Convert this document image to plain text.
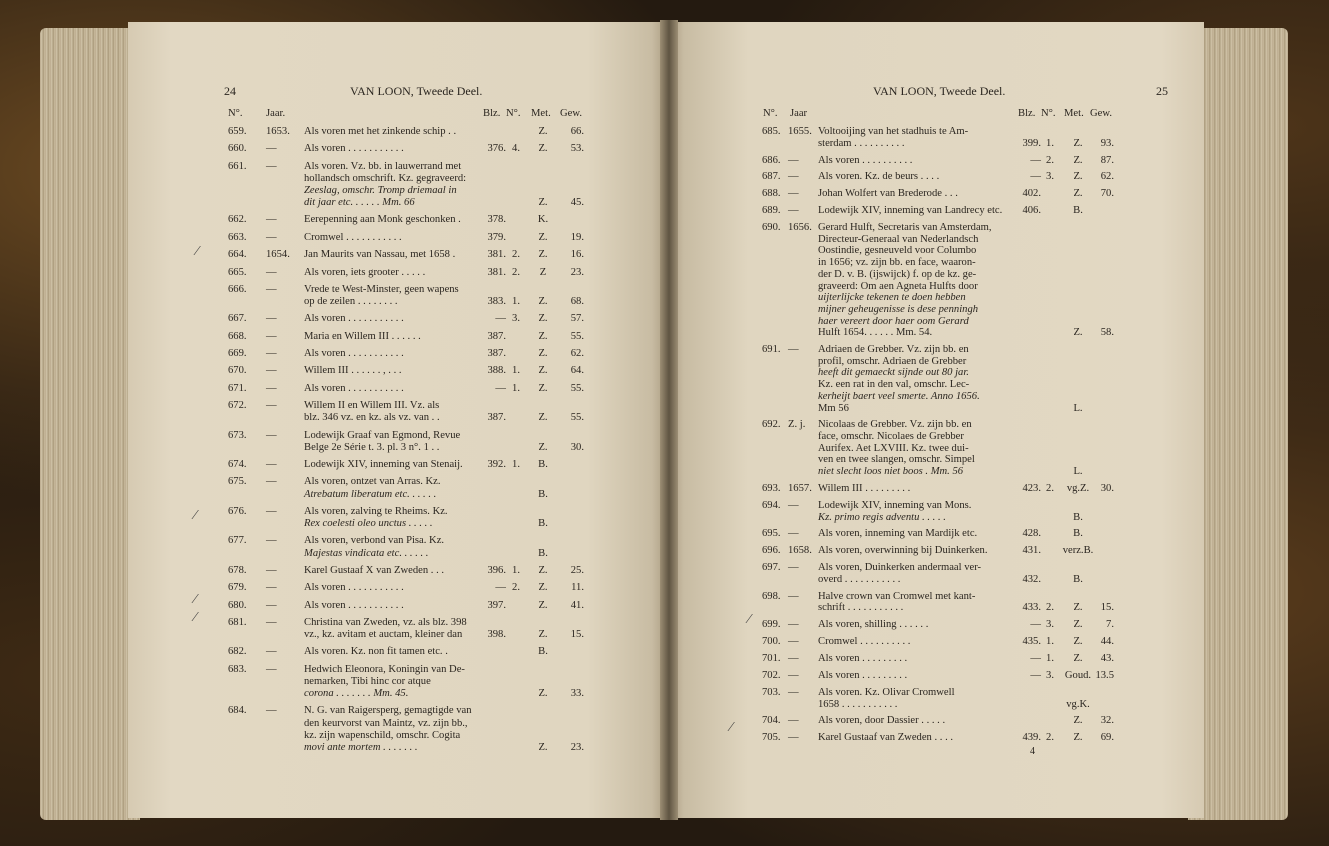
24	VAN LOON, Tweede Deel.
N°. Jaar.	Blz. N°. Met. Gew.
659. 1653. Als voren met het zinkende schip . .	Z.	66.
660. —	Als voren . . . . . . . . . . .	376. 4.	Z.	53.
661. —	Als voren. Vz. bb. in lauwerrand met
hollandsch omschrift. Kz. gegraveerd:
Zeeslag, omschr. Tromp driemaal in
dit jaar etc. . . . . . Mm. 66	Z.	45.
662. —	Eerepenning aan Monk geschonken .	378.	K.
663. —	Cromwel . . . . . . . . . . .	379.	Z.	19.
664. 1654. Jan Maurits van Nassau, met 1658 .	381. 2.	Z.	16.
665. —	Als voren, iets grooter . . . . .	381. 2.	Z	23.
666. —	Vrede te West-Minster, geen wapens
op de zeilen . . . . . . . .	383. 1.	Z.	68.
667. —	Als voren . . . . . . . . . . .	— 3.	Z.	57.
668. —	Maria en Willem III . . . . . .	387.	Z.	55.
669. —	Als voren . . . . . . . . . . .	387.	Z.	62.
670. —	Willem III . . . . . . , . . .	388. 1.	Z.	64.
671. —	Als voren . . . . . . . . . . .	— 1.	Z.	55.
672. —	Willem II en Willem III. Vz. als
blz. 346 vz. en kz. als vz. van . .	387.	Z.	55.
673. —	Lodewijk Graaf van Egmond, Revue
Belge 2e Série t. 3. pl. 3 n°. 1 . .	Z.	30.
674. —	Lodewijk XIV, inneming van Stenaij.	392. 1.	B.
675. —	Als voren, ontzet van Arras. Kz.
Atrebatum liberatum etc. . . . . .	B.
676. —	Als voren, zalving te Rheims. Kz.
Rex coelesti oleo unctus . . . . .	B.
677. —	Als voren, verbond van Pisa. Kz.
Majestas vindicata etc. . . . . .	B.
678. —	Karel Gustaaf X van Zweden . . .	396. 1.	Z.	25.
679. —	Als voren . . . . . . . . . . .	— 2.	Z.	11.
680. —	Als voren . . . . . . . . . . .	397.	Z.	41.
681. —	Christina van Zweden, vz. als blz. 398
vz., kz. avitam et auctam, kleiner dan	398.	Z.	15.
682. —	Als voren. Kz. non fit tamen etc. .	B.
683. —	Hedwich Eleonora, Koningin van De-
nemarken, Tibi hinc cor atque
corona . . . . . . . Mm. 45.	Z.	33.
684. —	N. G. van Raigersperg, gemagtigde van
den keurvorst van Maintz, vz. zijn bb.,
kz. zijn wapenschild, omschr. Cogita
movi ante mortem . . . . . . .	Z.	23.
⁄
⁄
⁄
⁄
VAN LOON, Tweede Deel.	25
N°. Jaar	Blz. N°. Met. Gew.
685. 1655. Voltooijing van het stadhuis te Am-
sterdam . . . . . . . . . .	399. 1.	Z.	93.
686. — Als voren . . . . . . . . . .	— 2.	Z.	87.
687. — Als voren. Kz. de beurs . . . .	— 3.	Z.	62.
688. — Johan Wolfert van Brederode . . .	402.	Z.	70.
689. — Lodewijk XIV, inneming van Landrecy etc.	406.	B.
690. 1656. Gerard Hulft, Secretaris van Amsterdam,
Directeur-Generaal van Nederlandsch
Oostindie, gesneuveld voor Columbo
in 1656; vz. zijn bb. en face, waaron-
der D. v. B. (ijswijck) f. op de kz. ge-
graveerd: Om aen Agneta Hulfts door
uijterlijcke tekenen te doen hebben
mijner geheugenisse is dese penningh
haer vereert door haer oom Gerard
Hulft 1654. . . . . . Mm. 54.	Z.	58.
691. — Adriaen de Grebber. Vz. zijn bb. en
profil, omschr. Adriaen de Grebber
heeft dit gemaeckt sijnde out 80 jar.
Kz. een rat in den val, omschr. Lec-
kerheijt baert veel smerte. Anno 1656.
Mm 56	L.
692. Z. j. Nicolaas de Grebber. Vz. zijn bb. en
face, omschr. Nicolaes de Grebber
Aurifex. Aet LXVIII. Kz. twee dui-
ven en twee slangen, omschr. Simpel
niet slecht loos niet boos . Mm. 56	L.
693. 1657. Willem III . . . . . . . . .	423. 2.	vg.Z.	30.
694. — Lodewijk XIV, inneming van Mons.
Kz. primo regis adventu . . . . .	B.
695. — Als voren, inneming van Mardijk etc.	428.	B.
696. 1658. Als voren, overwinning bij Duinkerken.	431. verz.B.
697. — Als voren, Duinkerken andermaal ver-
overd . . . . . . . . . . .	432.	B.
698. — Halve crown van Cromwel met kant-
schrift . . . . . . . . . . .	433. 2.	Z.	15.
699. — Als voren, shilling . . . . . .	— 3.	Z.	7.
700. — Cromwel . . . . . . . . . .	435. 1.	Z.	44.
701. — Als voren . . . . . . . . .	— 1.	Z.	43.
702. — Als voren . . . . . . . . .	— 3.	Goud. 13.5
703. — Als voren. Kz. Olivar Cromwell
1658 . . . . . . . . . . .	vg.K.
704. — Als voren, door Dassier . . . . .	Z.	32.
705. — Karel Gustaaf van Zweden . . . .	439. 2.	Z.	69.
⁄
⁄
4
